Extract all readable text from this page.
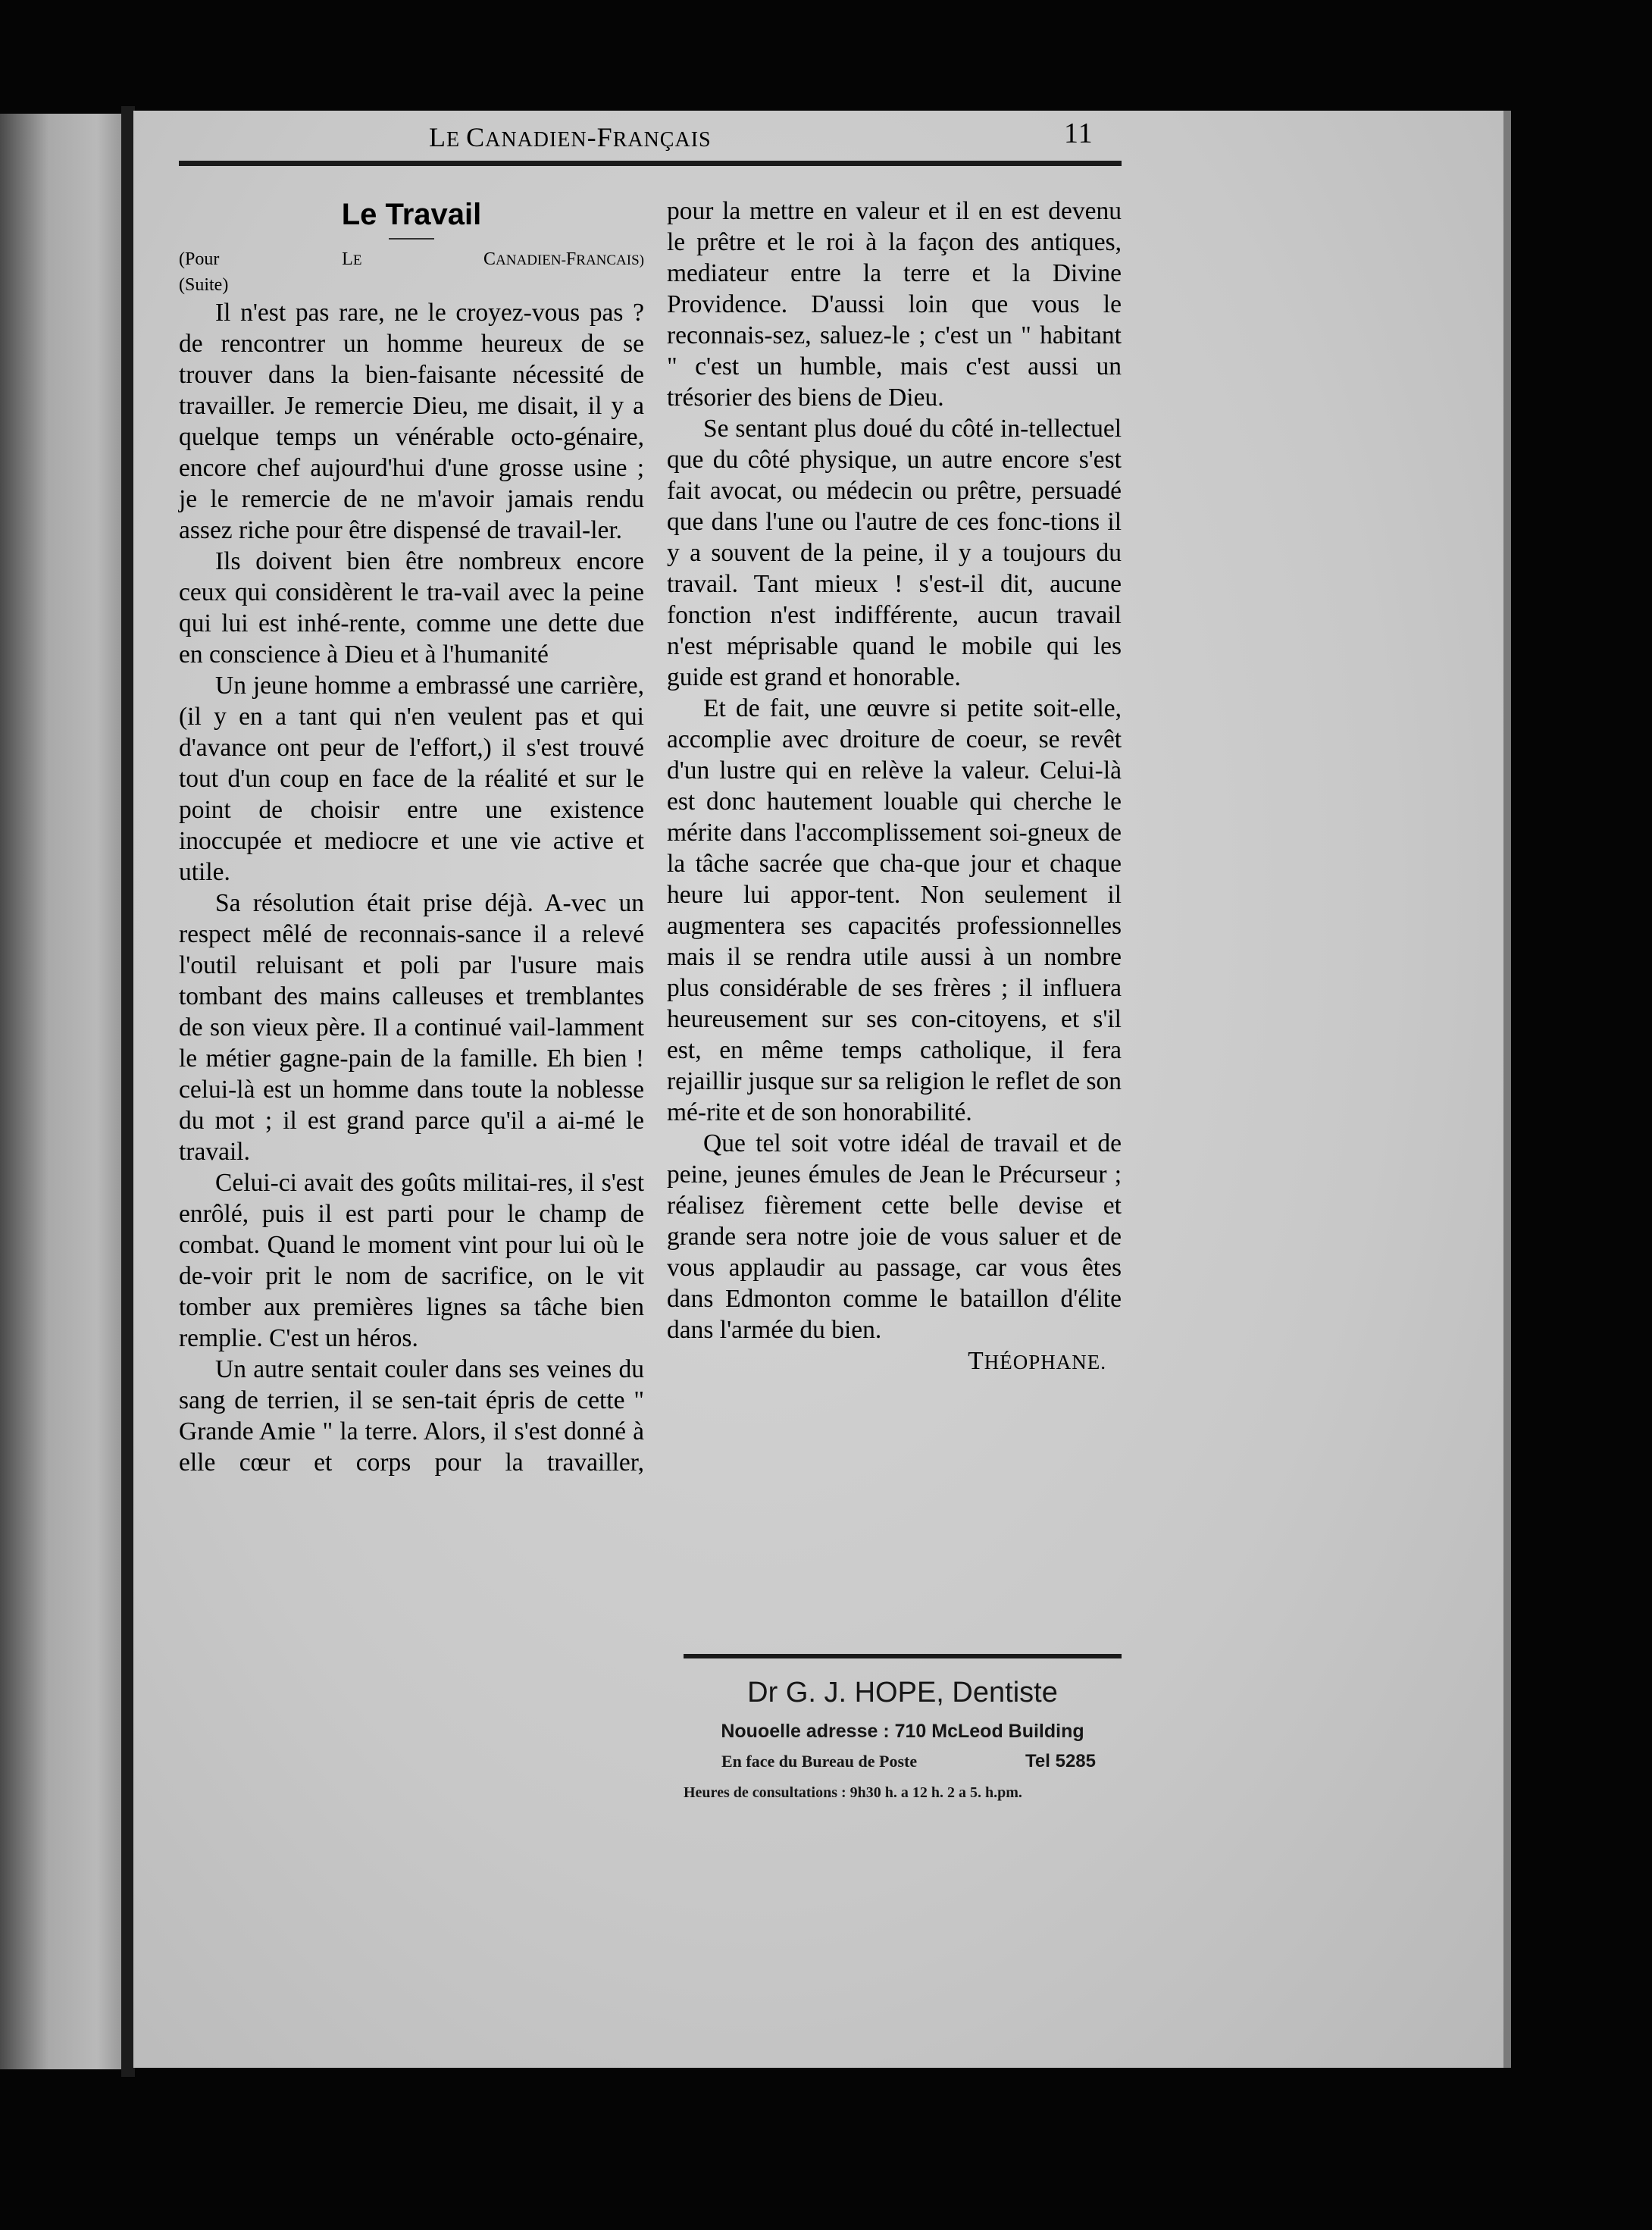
LE CANADIEN-FRANÇAIS	11
Le Travail

(Pour LE CANADIEN-FRANCAIS)

(Suite)

Il n'est pas rare, ne le croyez-vous pas ? de rencontrer un homme heureux de se trouver dans la bien-faisante nécessité de travailler. Je remercie Dieu, me disait, il y a quelque temps un vénérable octo-génaire, encore chef aujourd'hui d'une grosse usine ; je le remercie de ne m'avoir jamais rendu assez riche pour être dispensé de travail-ler.

Ils doivent bien être nombreux encore ceux qui considèrent le tra-vail avec la peine qui lui est inhé-rente, comme une dette due en conscience à Dieu et à l'humanité

Un jeune homme a embrassé une carrière, (il y en a tant qui n'en veulent pas et qui d'avance ont peur de l'effort,) il s'est trouvé tout d'un coup en face de la réalité et sur le point de choisir entre une existence inoccupée et mediocre et une vie active et utile.

Sa résolution était prise déjà. A-vec un respect mêlé de reconnais-sance il a relevé l'outil reluisant et poli par l'usure mais tombant des mains calleuses et tremblantes de son vieux père. Il a continué vail-lamment le métier gagne-pain de la famille. Eh bien ! celui-là est un homme dans toute la noblesse du mot ; il est grand parce qu'il a ai-mé le travail.

Celui-ci avait des goûts militai-res, il s'est enrôlé, puis il est parti pour le champ de combat. Quand le moment vint pour lui où le de-voir prit le nom de sacrifice, on le vit tomber aux premières lignes sa tâche bien remplie. C'est un héros.

Un autre sentait couler dans ses veines du sang de terrien, il se sen-tait épris de cette " Grande Amie " la terre. Alors, il s'est donné à elle cœur et corps pour la travailler,

pour la mettre en valeur et il en est devenu le prêtre et le roi à la façon des antiques, mediateur entre la terre et la Divine Providence. D'aussi loin que vous le reconnais-sez, saluez-le ; c'est un " habitant " c'est un humble, mais c'est aussi un trésorier des biens de Dieu.

Se sentant plus doué du côté in-tellectuel que du côté physique, un autre encore s'est fait avocat, ou médecin ou prêtre, persuadé que dans l'une ou l'autre de ces fonc-tions il y a souvent de la peine, il y a toujours du travail. Tant mieux ! s'est-il dit, aucune fonction n'est indifférente, aucun travail n'est méprisable quand le mobile qui les guide est grand et honorable.

Et de fait, une œuvre si petite soit-elle, accomplie avec droiture de coeur, se revêt d'un lustre qui en relève la valeur. Celui-là est donc hautement louable qui cherche le mérite dans l'accomplissement soi-gneux de la tâche sacrée que cha-que jour et chaque heure lui appor-tent. Non seulement il augmentera ses capacités professionnelles mais il se rendra utile aussi à un nombre plus considérable de ses frères ; il influera heureusement sur ses con-citoyens, et s'il est, en même temps catholique, il fera rejaillir jusque sur sa religion le reflet de son mé-rite et de son honorabilité.

Que tel soit votre idéal de travail et de peine, jeunes émules de Jean le Précurseur ; réalisez fièrement cette belle devise et grande sera notre joie de vous saluer et de vous applaudir au passage, car vous êtes dans Edmonton comme le bataillon d'élite dans l'armée du bien.

THÉOPHANE.

Dr G. J. HOPE, Dentiste

Nouoelle adresse : 710 McLeod Building

En face du Bureau de Poste	Tel 5285

Heures de consultations : 9h30 h. a 12 h. 2 a 5. h.pm.
